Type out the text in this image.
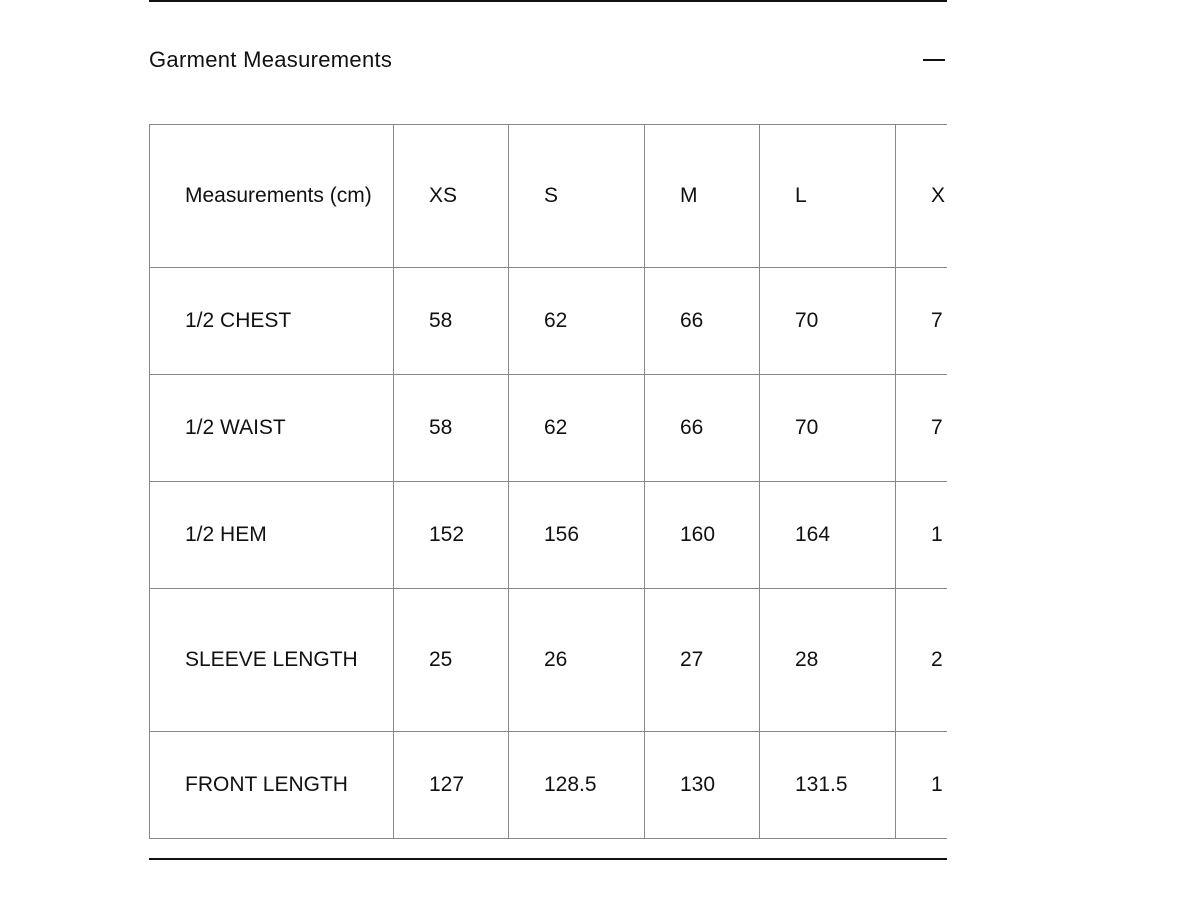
Garment Measurements
Measurements (cm)	XS	S	M	L	X
1/2 CHEST	58	62	66	70	7
1/2 WAIST	58	62	66	70	7
1/2 HEM	152	156	160	164	1
SLEEVE LENGTH	25	26	27	28	2
FRONT LENGTH	127	128.5	130	131.5	1
